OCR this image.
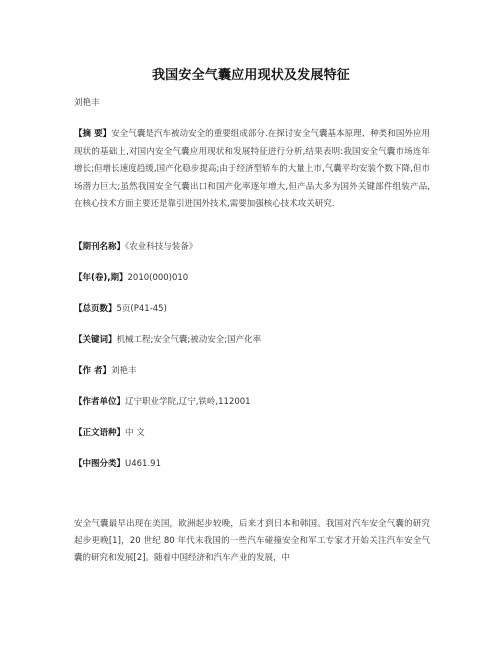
我国安全气囊应用现状及发展特征
刘艳丰
【摘 要】安全气囊是汽车被动安全的重要组成部分.在探讨安全气囊基本原理、种类和国外应用现状的基础上,对国内安全气囊应用现状和发展特征进行分析,结果表明:我国安全气囊市场连年增长;但增长速度趋缓,国产化稳步提高;由于经济型轿车的大量上市,气囊平均安装个数下降,但市场潜力巨大;虽然我国安全气囊出口和国产化率逐年增大,但产品大多为国外关键部件组装产品,在核心技术方面主要还是靠引进国外技术,需要加强核心技术攻关研究.
【期刊名称】《农业科技与装备》
【年(卷),期】2010(000)010
【总页数】5页(P41-45)
【关键词】机械工程;安全气囊;被动安全;国产化率
【作 者】刘艳丰
【作者单位】辽宁职业学院,辽宁,铁岭,112001
【正文语种】中 文
【中图分类】U461.91

安全气囊最早出现在美国，欧洲起步较晚，后来才到日本和韩国。我国对汽车安全气囊的研究起步更晚[1]，20 世纪 80 年代末我国的一些汽车碰撞安全和军工专家才开始关注汽车安全气囊的研究和发展[2]。随着中国经济和汽车产业的发展，中
